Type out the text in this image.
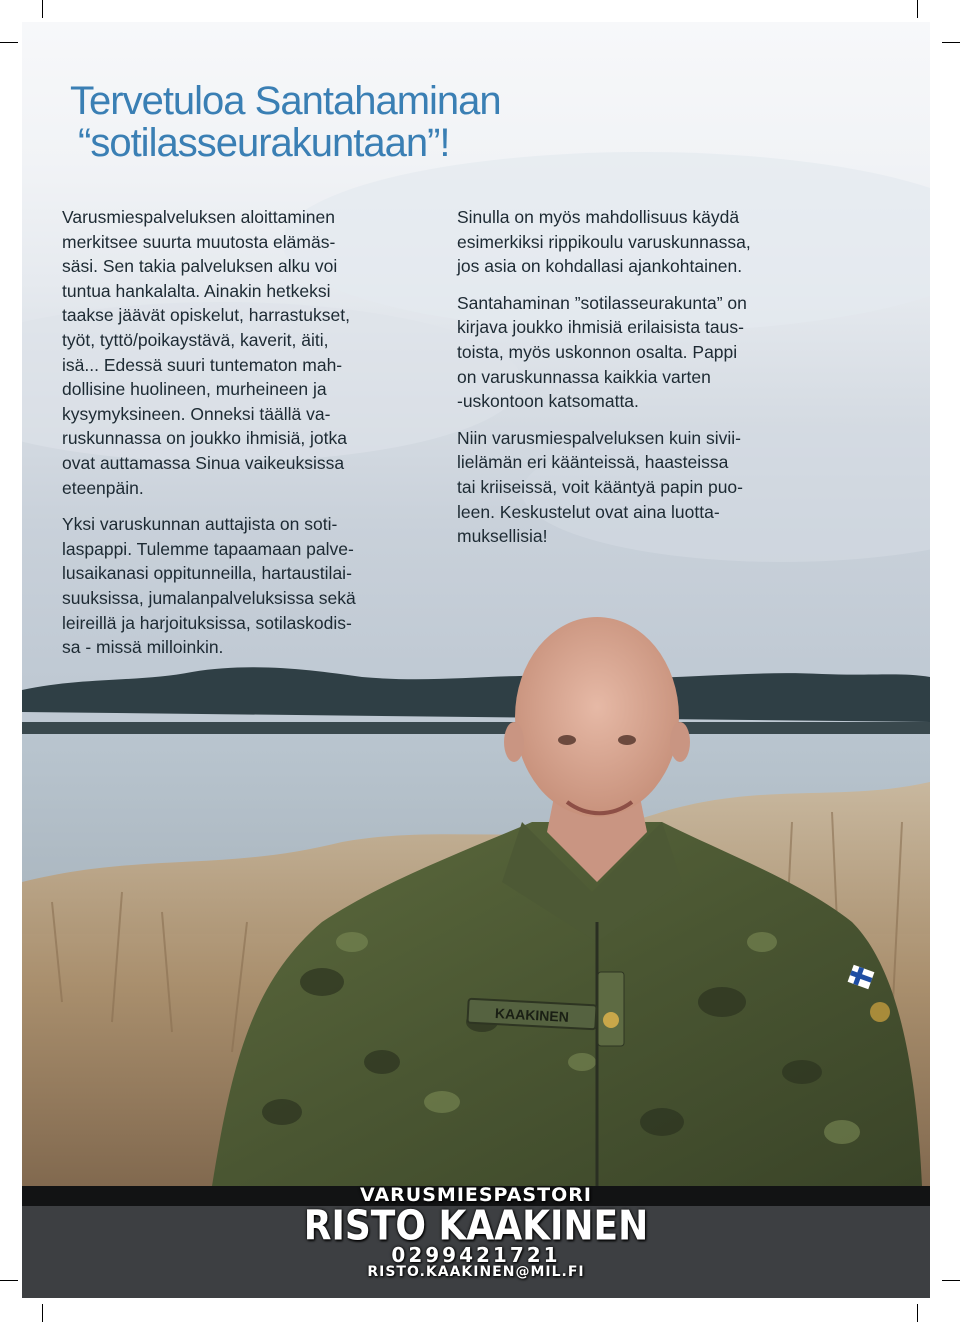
KAAKINEN
Tervetuloa Santahaminan
“sotilasseurakuntaan”!

Varusmiespalveluksen aloittaminen
merkitsee suurta muutosta elämäs-
säsi. Sen takia palveluksen alku voi
tuntua hankalalta. Ainakin hetkeksi
taakse jäävät opiskelut, harrastukset,
työt, tyttö/poikaystävä, kaverit, äiti,
isä... Edessä suuri tuntematon mah-
dollisine huolineen, murheineen ja
kysymyksineen. Onneksi täällä va-
ruskunnassa on joukko ihmisiä, jotka
ovat auttamassa Sinua vaikeuksissa
eteenpäin.

Yksi varuskunnan auttajista on soti-
laspappi. Tulemme tapaamaan palve-
lusaikanasi oppitunneilla, hartaustilai-
suuksissa, jumalanpalveluksissa sekä
leireillä ja harjoituksissa, sotilaskodis-
sa - missä milloinkin.

Sinulla on myös mahdollisuus käydä
esimerkiksi rippikoulu varuskunnassa,
jos asia on kohdallasi ajankohtainen.

Santahaminan ”sotilasseurakunta” on
kirjava joukko ihmisiä erilaisista taus-
toista, myös uskonnon osalta. Pappi
on varuskunnassa kaikkia varten
-uskontoon katsomatta.

Niin varusmiespalveluksen kuin sivii-
lielämän eri käänteissä, haasteissa
tai kriiseissä, voit kääntyä papin puo-
leen. Keskustelut ovat aina luotta-
muksellisia!

VARUSMIESPASTORI
RISTO KAAKINEN
0299421721
RISTO.KAAKINEN@MIL.FI
